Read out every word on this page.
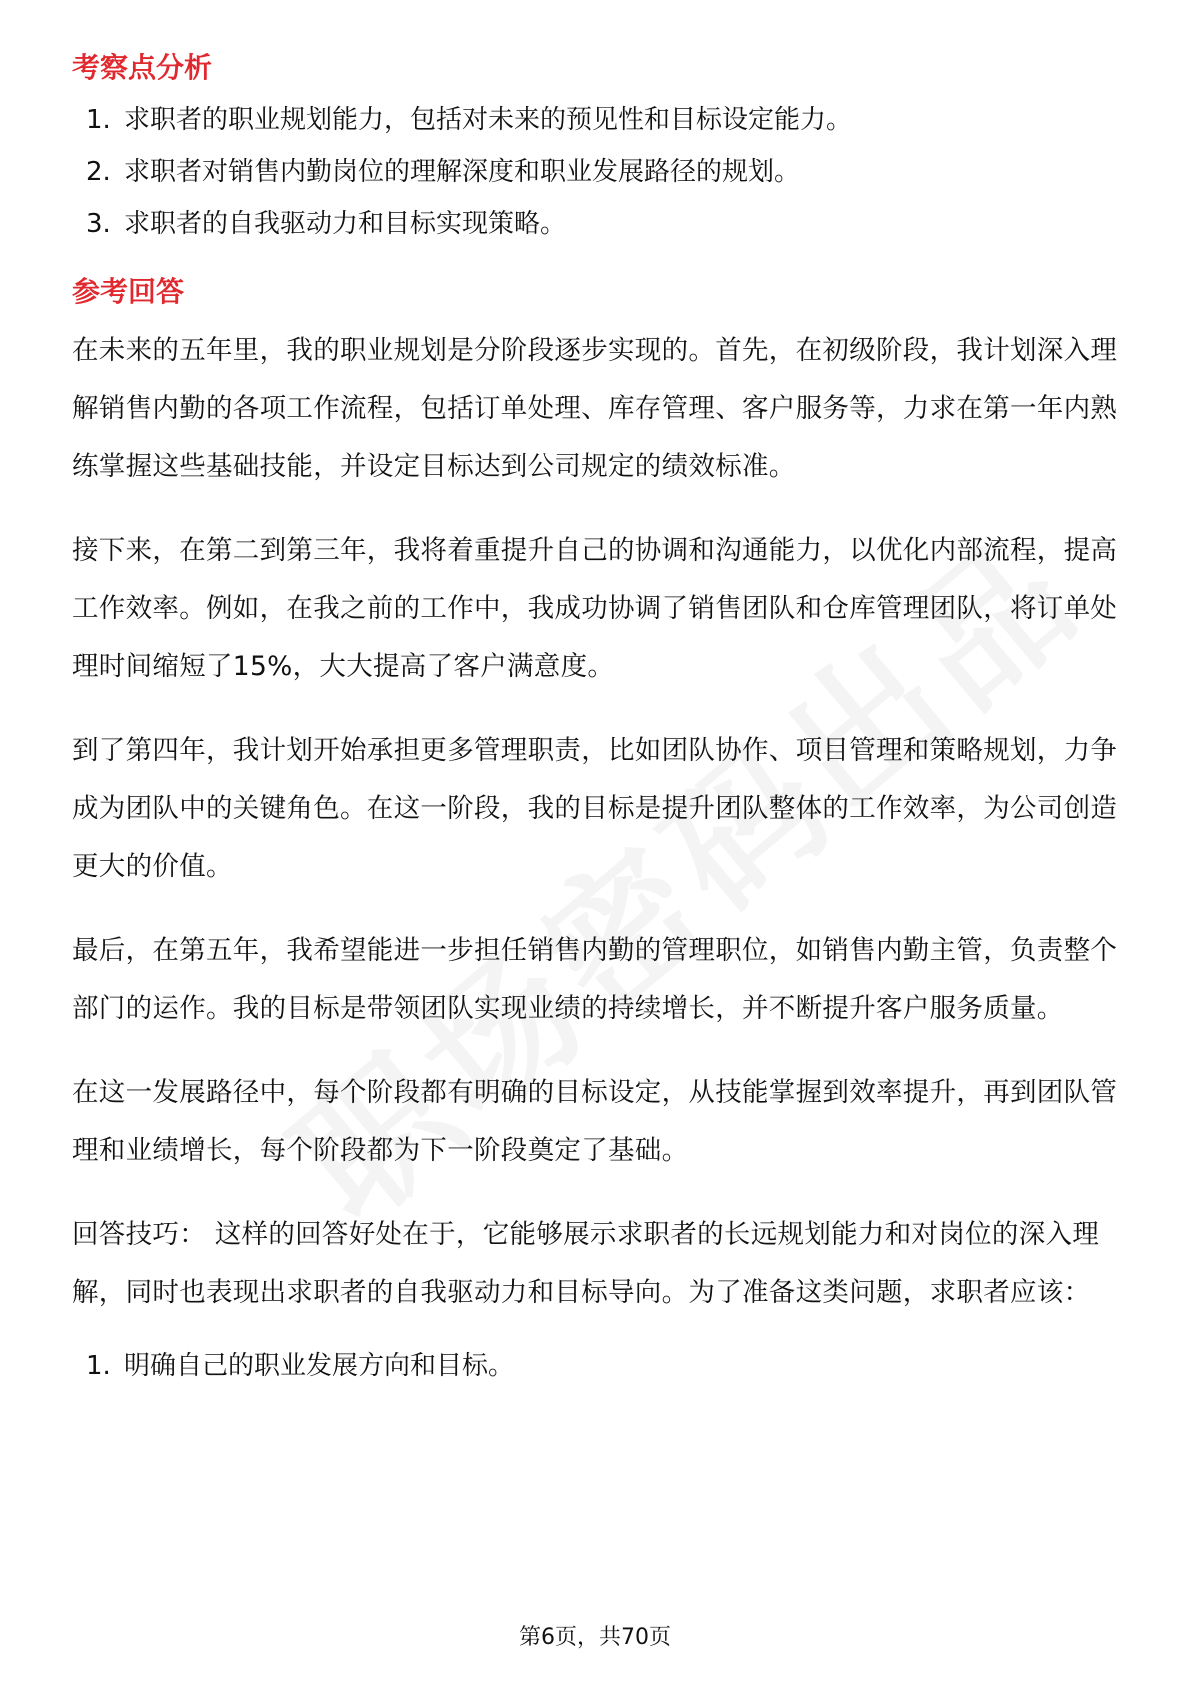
考察点分析
1. 求职者的职业规划能力，包括对未来的预见性和目标设定能力。
2. 求职者对销售内勤岗位的理解深度和职业发展路径的规划。
3. 求职者的自我驱动力和目标实现策略。
参考回答

在未来的五年里，我的职业规划是分阶段逐步实现的。首先，在初级阶段，我计划深入理解销售内勤的各项工作流程，包括订单处理、库存管理、客户服务等，力求在第一年内熟练掌握这些基础技能，并设定目标达到公司规定的绩效标准。

接下来，在第二到第三年，我将着重提升自己的协调和沟通能力，以优化内部流程，提高工作效率。例如，在我之前的工作中，我成功协调了销售团队和仓库管理团队，将订单处理时间缩短了15%，大大提高了客户满意度。

到了第四年，我计划开始承担更多管理职责，比如团队协作、项目管理和策略规划，力争成为团队中的关键角色。在这一阶段，我的目标是提升团队整体的工作效率，为公司创造更大的价值。

最后，在第五年，我希望能进一步担任销售内勤的管理职位，如销售内勤主管，负责整个部门的运作。我的目标是带领团队实现业绩的持续增长，并不断提升客户服务质量。

在这一发展路径中，每个阶段都有明确的目标设定，从技能掌握到效率提升，再到团队管理和业绩增长，每个阶段都为下一阶段奠定了基础。

回答技巧： 这样的回答好处在于，它能够展示求职者的长远规划能力和对岗位的深入理解，同时也表现出求职者的自我驱动力和目标导向。为了准备这类问题，求职者应该：

1. 明确自己的职业发展方向和目标。
第6页，共70页
